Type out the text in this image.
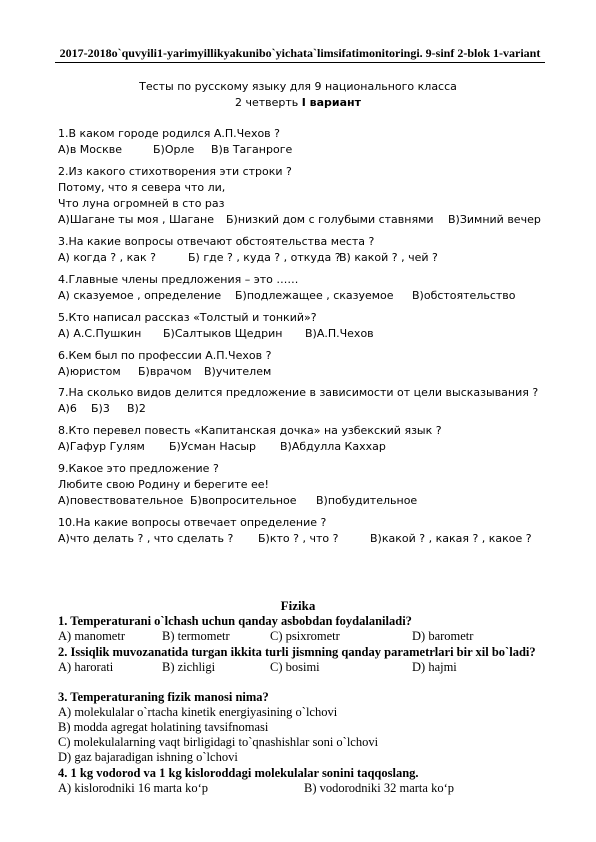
2017-2018o`quvyili1-yarimyillikyakunibo`yichata`limsifatimonitoringi. 9-sinf 2-blok 1-variant
Тесты по русскому языку для 9 национального класса
2 четверть I вариант
1.В каком городе родился А.П.Чехов ?
А)в Москве	Б)Орле В)в Таганроге
2.Из какого стихотворения эти строки ?
Потому, что я севера что ли,
Что луна огромней в сто раз
А)Шагане ты моя , Шагане Б)низкий дом с голубыми ставнями В)Зимний вечер
3.На какие вопросы отвечают обстоятельства места ?
А) когда ? , как ?	Б) где ? , куда ? , откуда ?
В) какой ? , чей ?
4.Главные члены предложения – это ……
А) сказуемое , определение Б)подлежащее , сказуемое В)обстоятельство
5.Кто написал рассказ «Толстый и тонкий»?
А) А.С.Пушкин Б)Салтыков Щедрин В)А.П.Чехов
6.Кем был по профессии А.П.Чехов ?
А)юристом Б)врачом В)учителем
7.На сколько видов делится предложение в зависимости от цели высказывания ?
А)6 Б)3 В)2
8.Кто перевел повесть «Капитанская дочка» на узбекский язык ?
А)Гафур Гулям Б)Усман Насыр В)Абдулла Каххар
9.Какое это предложение ?
Любите свою Родину и берегите ее!
А)повествовательное Б)вопросительное В)побудительное
10.На какие вопросы отвечает определение ?
А)что делать ? , что сделать ? Б)кто ? , что ?	В)какой ? , какая ? , какое ?
Fizika
1. Temperaturani o`lchash uchun qanday asbobdan foydalaniladi?
A) manometr	B) termometr	C) psixrometr	D) barometr
2. Issiqlik muvozanatida turgan ikkita turli jismning qanday parametrlari bir xil bo`ladi?
A) harorati	B) zichligi	C) bosimi	D) hajmi
3. Temperaturaning fizik manosi nima?
A) molekulalar o`rtacha kinetik energiyasining o`lchovi
B) modda agregat holatining tavsifnomasi
C) molekulalarning vaqt birligidagi to`qnashishlar soni o`lchovi
D) gaz bajaradigan ishning o`lchovi
4. 1 kg vodorod va 1 kg kisloroddagi molekulalar sonini taqqoslang.
A) kislorodniki 16 marta ko‘p	B) vodorodniki 32 marta ko‘p
